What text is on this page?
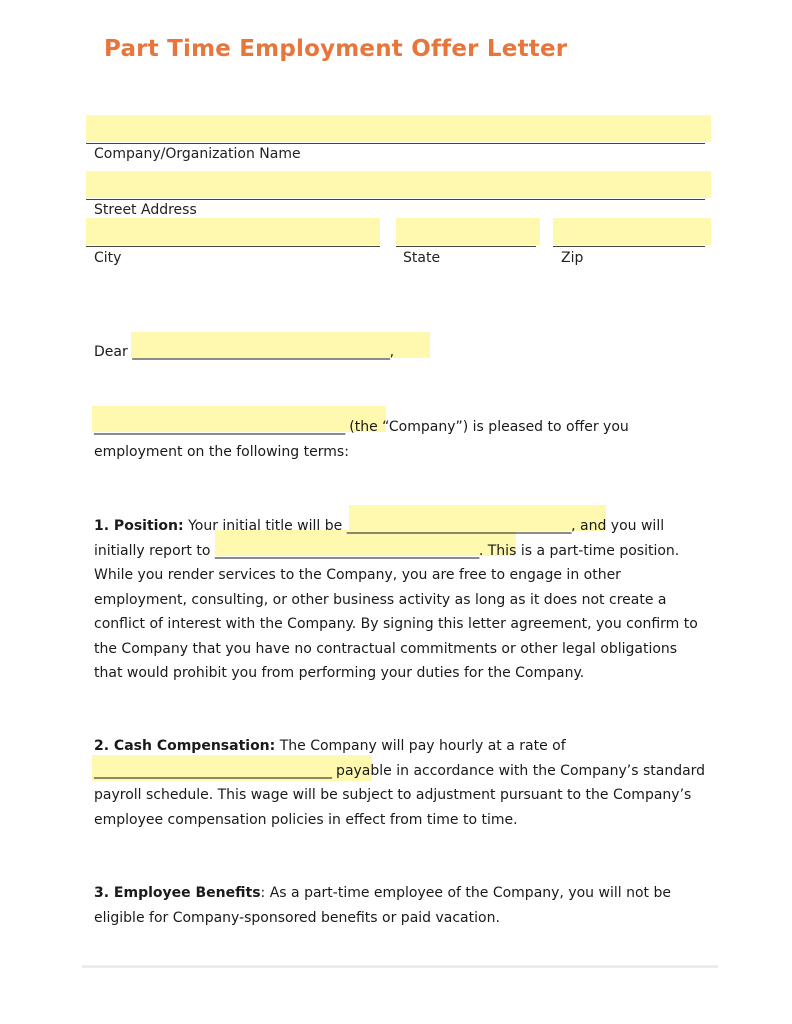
Part Time Employment Offer Letter
Company/Organization Name
Street Address
City	State	Zip
Dear _______________________________________,
______________________________________ (the “Company”) is pleased to offer you employment on the following terms:
1. Position: Your initial title will be __________________________________, and you will initially report to ________________________________________. This is a part-time position. While you render services to the Company, you are free to engage in other employment, consulting, or other business activity as long as it does not create a conflict of interest with the Company. By signing this letter agreement, you confirm to the Company that you have no contractual commitments or other legal obligations that would prohibit you from performing your duties for the Company.
2. Cash Compensation: The Company will pay hourly at a rate of ____________________________________ payable in accordance with the Company’s standard payroll schedule. This wage will be subject to adjustment pursuant to the Company’s employee compensation policies in effect from time to time.
3. Employee Benefits: As a part-time employee of the Company, you will not be eligible for Company-sponsored benefits or paid vacation.
